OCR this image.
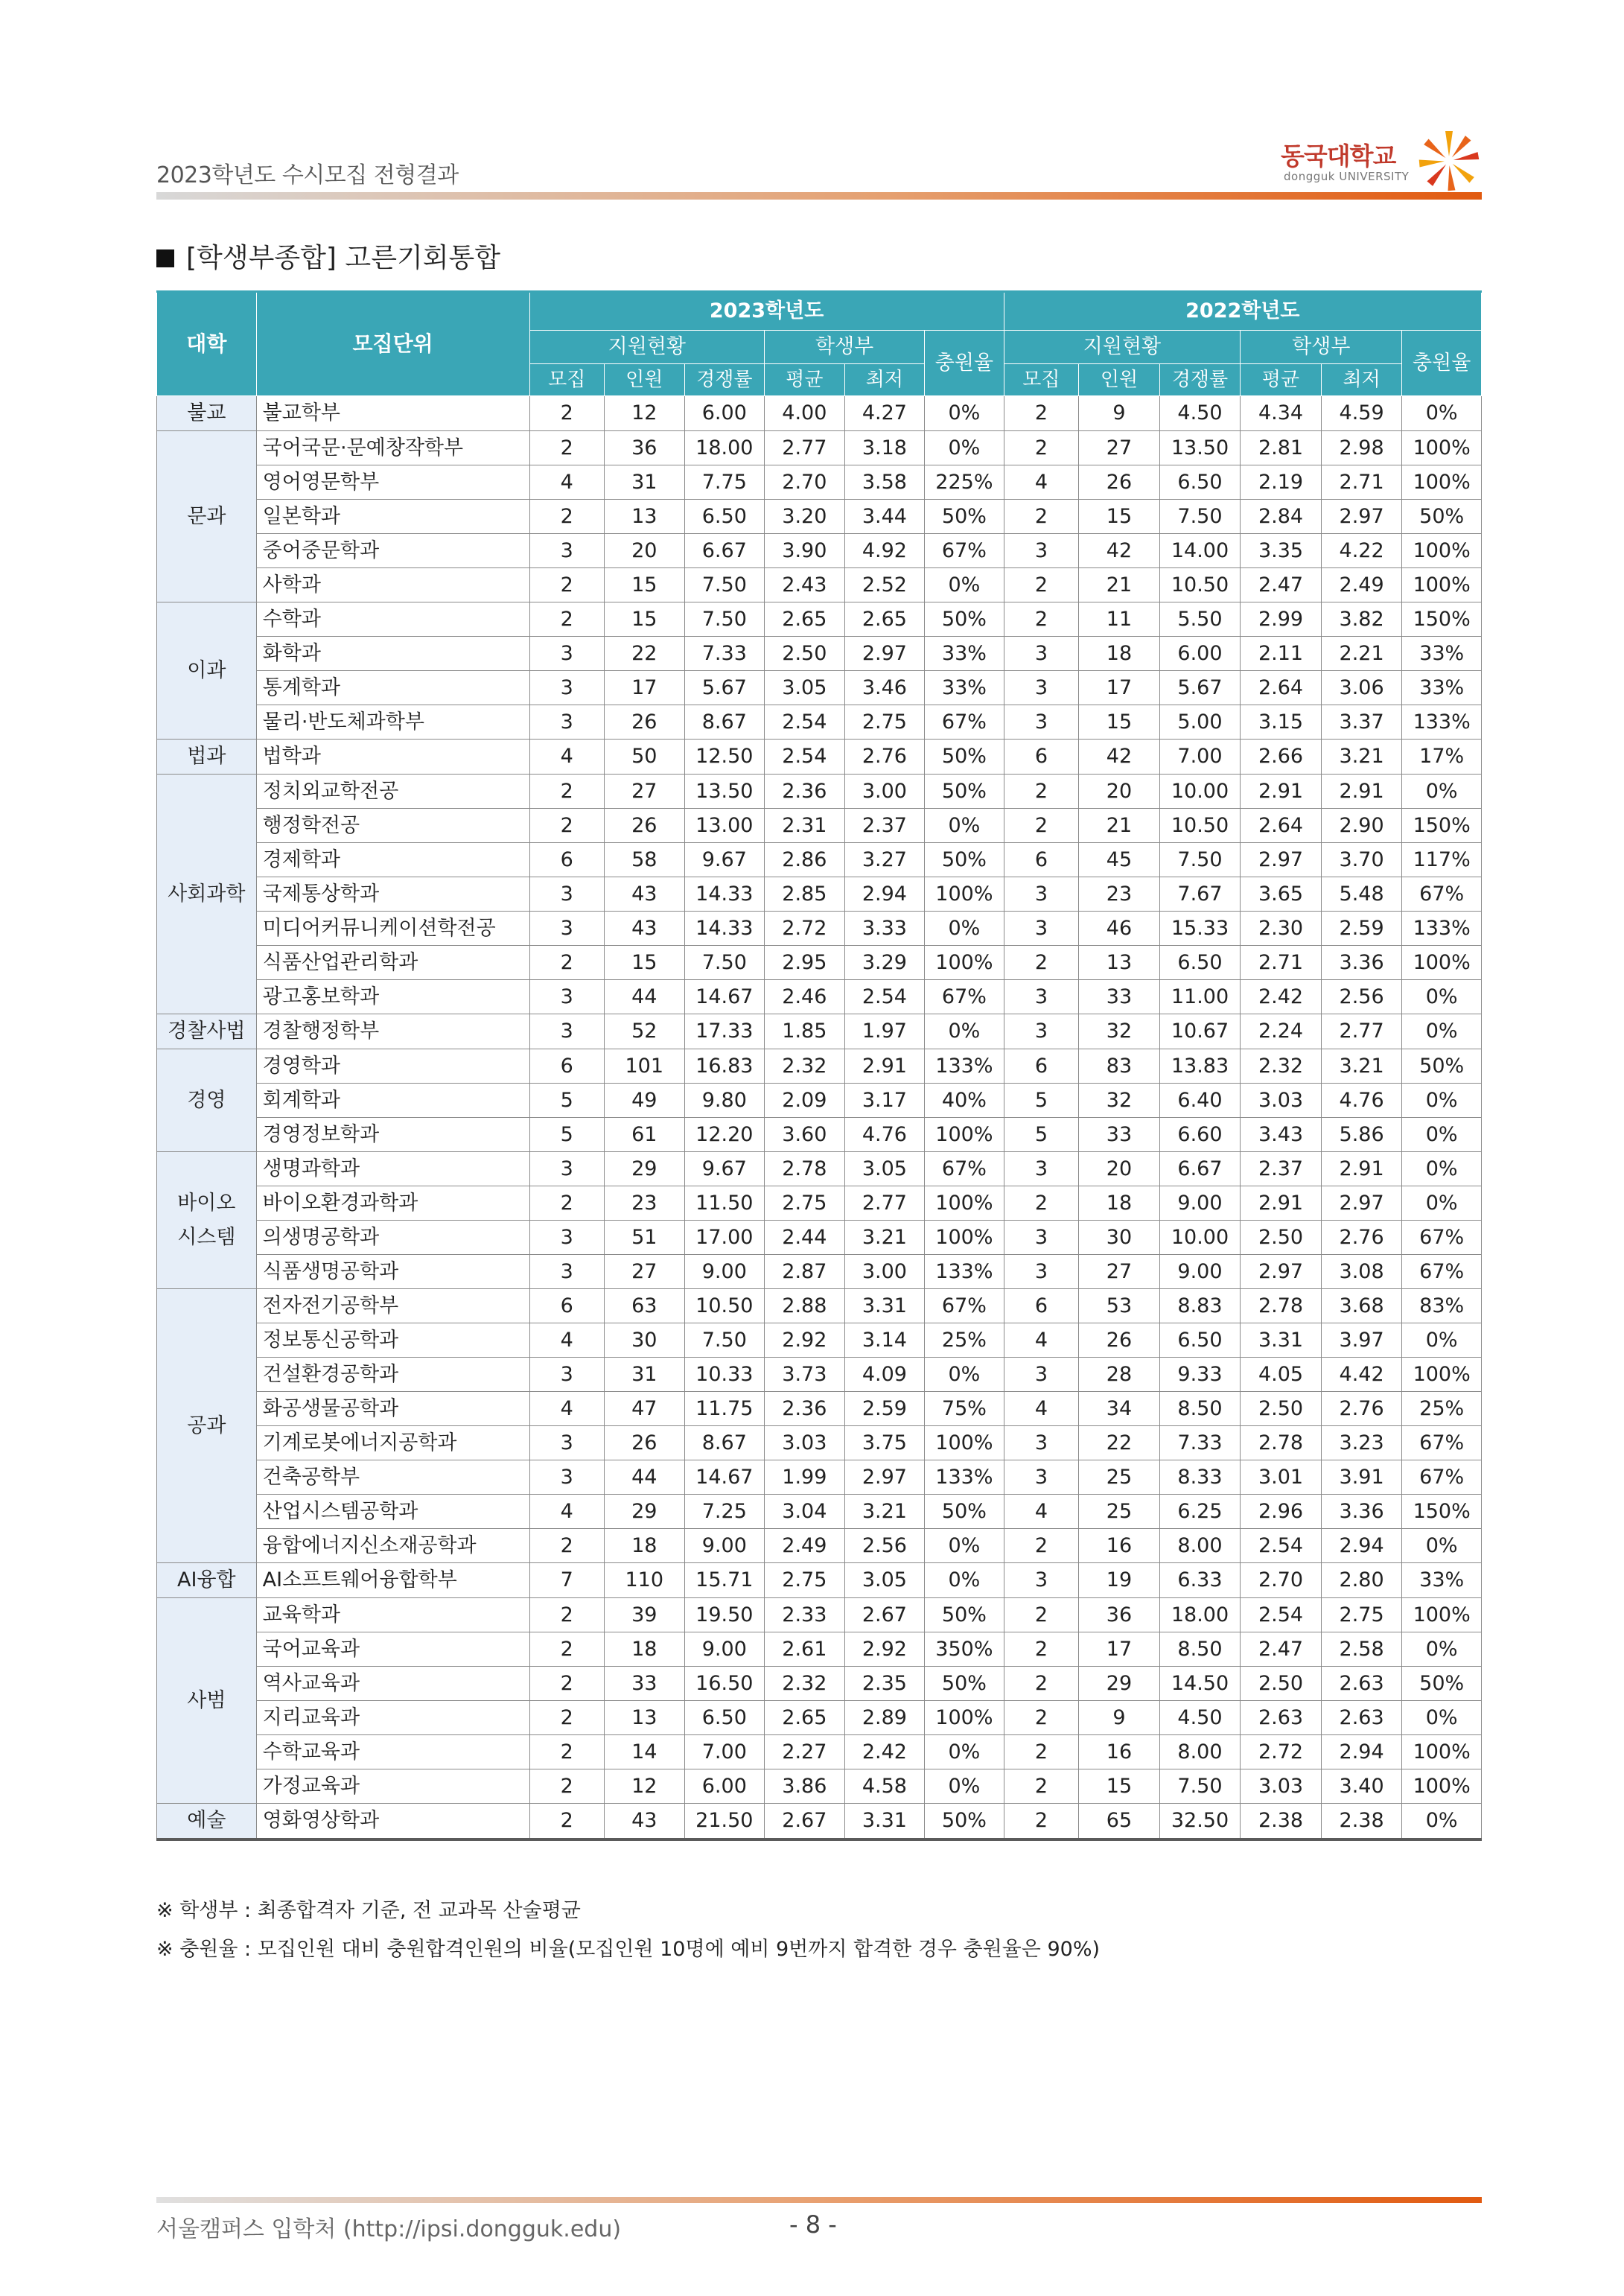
2023학년도 수시모집 전형결과
동국대학교
dongguk UNIVERSITY
[학생부종합] 고른기회통합
대학	모집단위	2023학년도						2022학년도					
		지원현황			학생부		충원율	지원현황			학생부		충원율
		모집	인원	경쟁률	평균	최저		모집	인원	경쟁률	평균	최저	

불교	불교학부	2	12	6.00	4.00	4.27	0%	2	9	4.50	4.34	4.59	0%

문과	국어국문·문예창작학부	2	36	18.00	2.77	3.18	0%	2	27	13.50	2.81	2.98	100%
	영어영문학부	4	31	7.75	2.70	3.58	225%	4	26	6.50	2.19	2.71	100%
	일본학과	2	13	6.50	3.20	3.44	50%	2	15	7.50	2.84	2.97	50%
	중어중문학과	3	20	6.67	3.90	4.92	67%	3	42	14.00	3.35	4.22	100%
	사학과	2	15	7.50	2.43	2.52	0%	2	21	10.50	2.47	2.49	100%

이과	수학과	2	15	7.50	2.65	2.65	50%	2	11	5.50	2.99	3.82	150%
	화학과	3	22	7.33	2.50	2.97	33%	3	18	6.00	2.11	2.21	33%
	통계학과	3	17	5.67	3.05	3.46	33%	3	17	5.67	2.64	3.06	33%
	물리·반도체과학부	3	26	8.67	2.54	2.75	67%	3	15	5.00	3.15	3.37	133%

법과	법학과	4	50	12.50	2.54	2.76	50%	6	42	7.00	2.66	3.21	17%

사회과학	정치외교학전공	2	27	13.50	2.36	3.00	50%	2	20	10.00	2.91	2.91	0%
	행정학전공	2	26	13.00	2.31	2.37	0%	2	21	10.50	2.64	2.90	150%
	경제학과	6	58	9.67	2.86	3.27	50%	6	45	7.50	2.97	3.70	117%
	국제통상학과	3	43	14.33	2.85	2.94	100%	3	23	7.67	3.65	5.48	67%
	미디어커뮤니케이션학전공	3	43	14.33	2.72	3.33	0%	3	46	15.33	2.30	2.59	133%
	식품산업관리학과	2	15	7.50	2.95	3.29	100%	2	13	6.50	2.71	3.36	100%
	광고홍보학과	3	44	14.67	2.46	2.54	67%	3	33	11.00	2.42	2.56	0%

경찰사법	경찰행정학부	3	52	17.33	1.85	1.97	0%	3	32	10.67	2.24	2.77	0%

경영	경영학과	6	101	16.83	2.32	2.91	133%	6	83	13.83	2.32	3.21	50%
	회계학과	5	49	9.80	2.09	3.17	40%	5	32	6.40	3.03	4.76	0%
	경영정보학과	5	61	12.20	3.60	4.76	100%	5	33	6.60	3.43	5.86	0%

바이오
시스템	생명과학과	3	29	9.67	2.78	3.05	67%	3	20	6.67	2.37	2.91	0%
	바이오환경과학과	2	23	11.50	2.75	2.77	100%	2	18	9.00	2.91	2.97	0%
	의생명공학과	3	51	17.00	2.44	3.21	100%	3	30	10.00	2.50	2.76	67%
	식품생명공학과	3	27	9.00	2.87	3.00	133%	3	27	9.00	2.97	3.08	67%

공과	전자전기공학부	6	63	10.50	2.88	3.31	67%	6	53	8.83	2.78	3.68	83%
	정보통신공학과	4	30	7.50	2.92	3.14	25%	4	26	6.50	3.31	3.97	0%
	건설환경공학과	3	31	10.33	3.73	4.09	0%	3	28	9.33	4.05	4.42	100%
	화공생물공학과	4	47	11.75	2.36	2.59	75%	4	34	8.50	2.50	2.76	25%
	기계로봇에너지공학과	3	26	8.67	3.03	3.75	100%	3	22	7.33	2.78	3.23	67%
	건축공학부	3	44	14.67	1.99	2.97	133%	3	25	8.33	3.01	3.91	67%
	산업시스템공학과	4	29	7.25	3.04	3.21	50%	4	25	6.25	2.96	3.36	150%
	융합에너지신소재공학과	2	18	9.00	2.49	2.56	0%	2	16	8.00	2.54	2.94	0%

AI융합	AI소프트웨어융합학부	7	110	15.71	2.75	3.05	0%	3	19	6.33	2.70	2.80	33%

사범	교육학과	2	39	19.50	2.33	2.67	50%	2	36	18.00	2.54	2.75	100%
	국어교육과	2	18	9.00	2.61	2.92	350%	2	17	8.50	2.47	2.58	0%
	역사교육과	2	33	16.50	2.32	2.35	50%	2	29	14.50	2.50	2.63	50%
	지리교육과	2	13	6.50	2.65	2.89	100%	2	9	4.50	2.63	2.63	0%
	수학교육과	2	14	7.00	2.27	2.42	0%	2	16	8.00	2.72	2.94	100%
	가정교육과	2	12	6.00	3.86	4.58	0%	2	15	7.50	3.03	3.40	100%

예술	영화영상학과	2	43	21.50	2.67	3.31	50%	2	65	32.50	2.38	2.38	0%
※ 학생부 : 최종합격자 기준, 전 교과목 산술평균
※ 충원율 : 모집인원 대비 충원합격인원의 비율(모집인원 10명에 예비 9번까지 합격한 경우 충원율은 90%)
서울캠퍼스 입학처 (http://ipsi.dongguk.edu)	- 8 -
